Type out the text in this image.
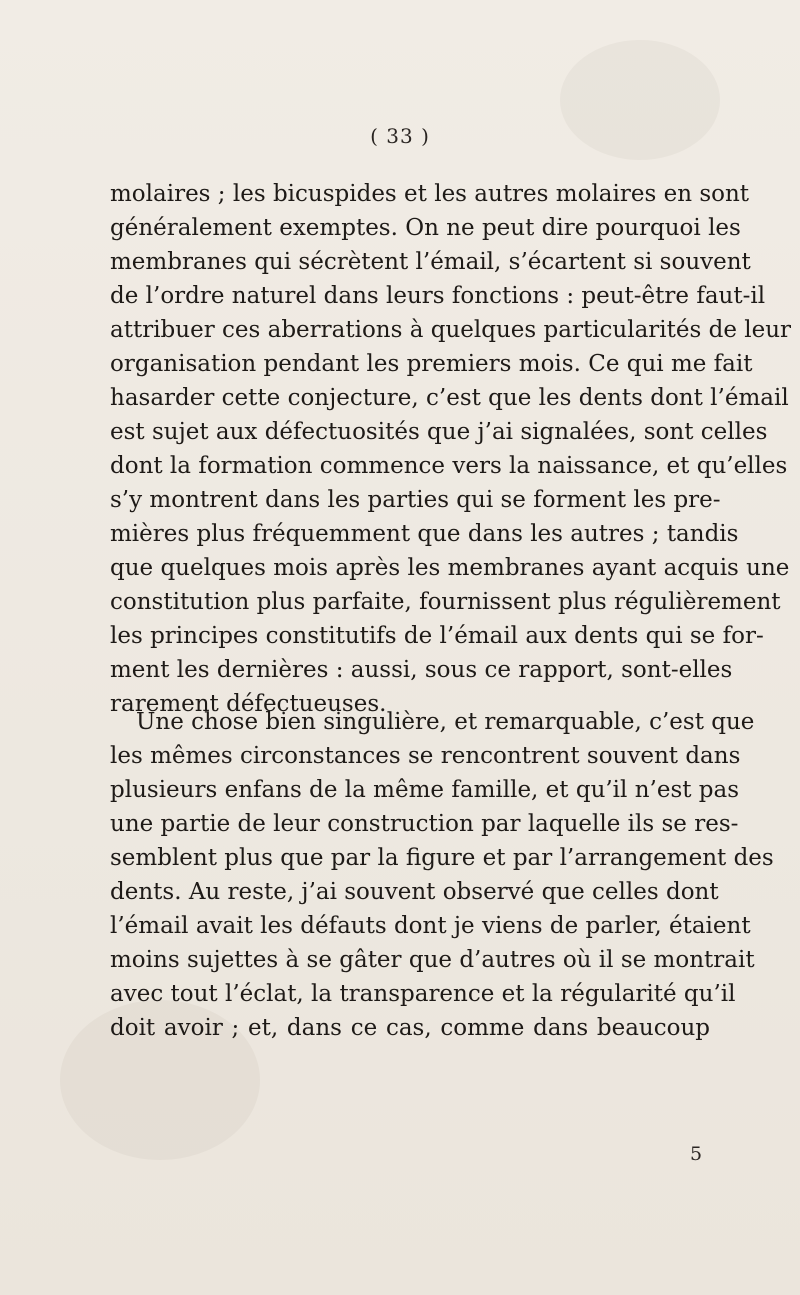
( 33 )
molaires ; les bicuspides et les autres molaires en sont
généralement exemptes. On ne peut dire pourquoi les
membranes qui sécrètent l’émail, s’écartent si souvent
de l’ordre naturel dans leurs fonctions : peut-être faut-il
attribuer ces aberrations à quelques particularités de leur
organisation pendant les premiers mois. Ce qui me fait
hasarder cette conjecture, c’est que les dents dont l’émail
est sujet aux défectuosités que j’ai signalées, sont celles
dont la formation commence vers la naissance, et qu’elles
s’y montrent dans les parties qui se forment les pre-
mières plus fréquemment que dans les autres ; tandis
que quelques mois après les membranes ayant acquis une
constitution plus parfaite, fournissent plus régulièrement
les principes constitutifs de l’émail aux dents qui se for-
ment les dernières : aussi, sous ce rapport, sont-elles
rarement défectueuses.
Une chose bien singulière, et remarquable, c’est que
les mêmes circonstances se rencontrent souvent dans
plusieurs enfans de la même famille, et qu’il n’est pas
une partie de leur construction par laquelle ils se res-
semblent plus que par la figure et par l’arrangement des
dents. Au reste, j’ai souvent observé que celles dont
l’émail avait les défauts dont je viens de parler, étaient
moins sujettes à se gâter que d’autres où il se montrait
avec tout l’éclat, la transparence et la régularité qu’il
doit avoir ; et, dans ce cas, comme dans beaucoup
5
